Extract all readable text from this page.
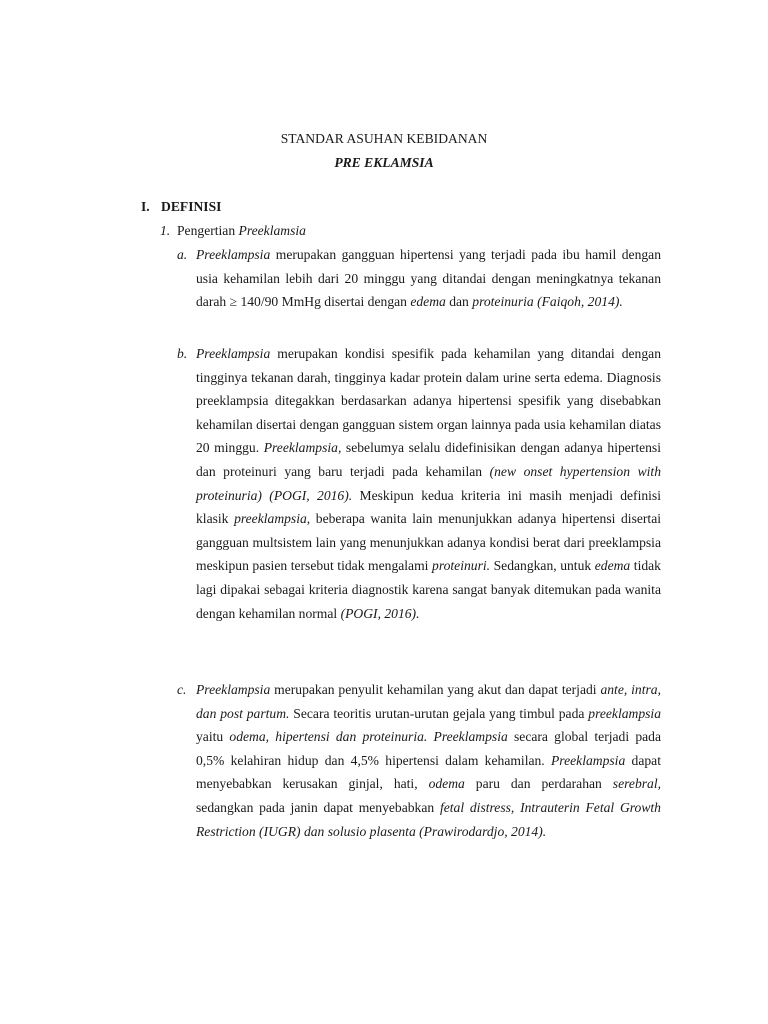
STANDAR ASUHAN KEBIDANAN
PRE EKLAMSIA
I. DEFINISI
1. Pengertian Preeklamsia
a. Preeklampsia merupakan gangguan hipertensi yang terjadi pada ibu hamil dengan usia kehamilan lebih dari 20 minggu yang ditandai dengan meningkatnya tekanan darah ≥ 140/90 MmHg disertai dengan edema dan proteinuria (Faiqoh, 2014).
b. Preeklampsia merupakan kondisi spesifik pada kehamilan yang ditandai dengan tingginya tekanan darah, tingginya kadar protein dalam urine serta edema. Diagnosis preeklampsia ditegakkan berdasarkan adanya hipertensi spesifik yang disebabkan kehamilan disertai dengan gangguan sistem organ lainnya pada usia kehamilan diatas 20 minggu. Preeklampsia, sebelumya selalu didefinisikan dengan adanya hipertensi dan proteinuri yang baru terjadi pada kehamilan (new onset hypertension with proteinuria) (POGI, 2016). Meskipun kedua kriteria ini masih menjadi definisi klasik preeklampsia, beberapa wanita lain menunjukkan adanya hipertensi disertai gangguan multsistem lain yang menunjukkan adanya kondisi berat dari preeklampsia meskipun pasien tersebut tidak mengalami proteinuri. Sedangkan, untuk edema tidak lagi dipakai sebagai kriteria diagnostik karena sangat banyak ditemukan pada wanita dengan kehamilan normal (POGI, 2016).
c. Preeklampsia merupakan penyulit kehamilan yang akut dan dapat terjadi ante, intra, dan post partum. Secara teoritis urutan-urutan gejala yang timbul pada preeklampsia yaitu odema, hipertensi dan proteinuria. Preeklampsia secara global terjadi pada 0,5% kelahiran hidup dan 4,5% hipertensi dalam kehamilan. Preeklampsia dapat menyebabkan kerusakan ginjal, hati, odema paru dan perdarahan serebral, sedangkan pada janin dapat menyebabkan fetal distress, Intrauterin Fetal Growth Restriction (IUGR) dan solusio plasenta (Prawirodardjo, 2014).
